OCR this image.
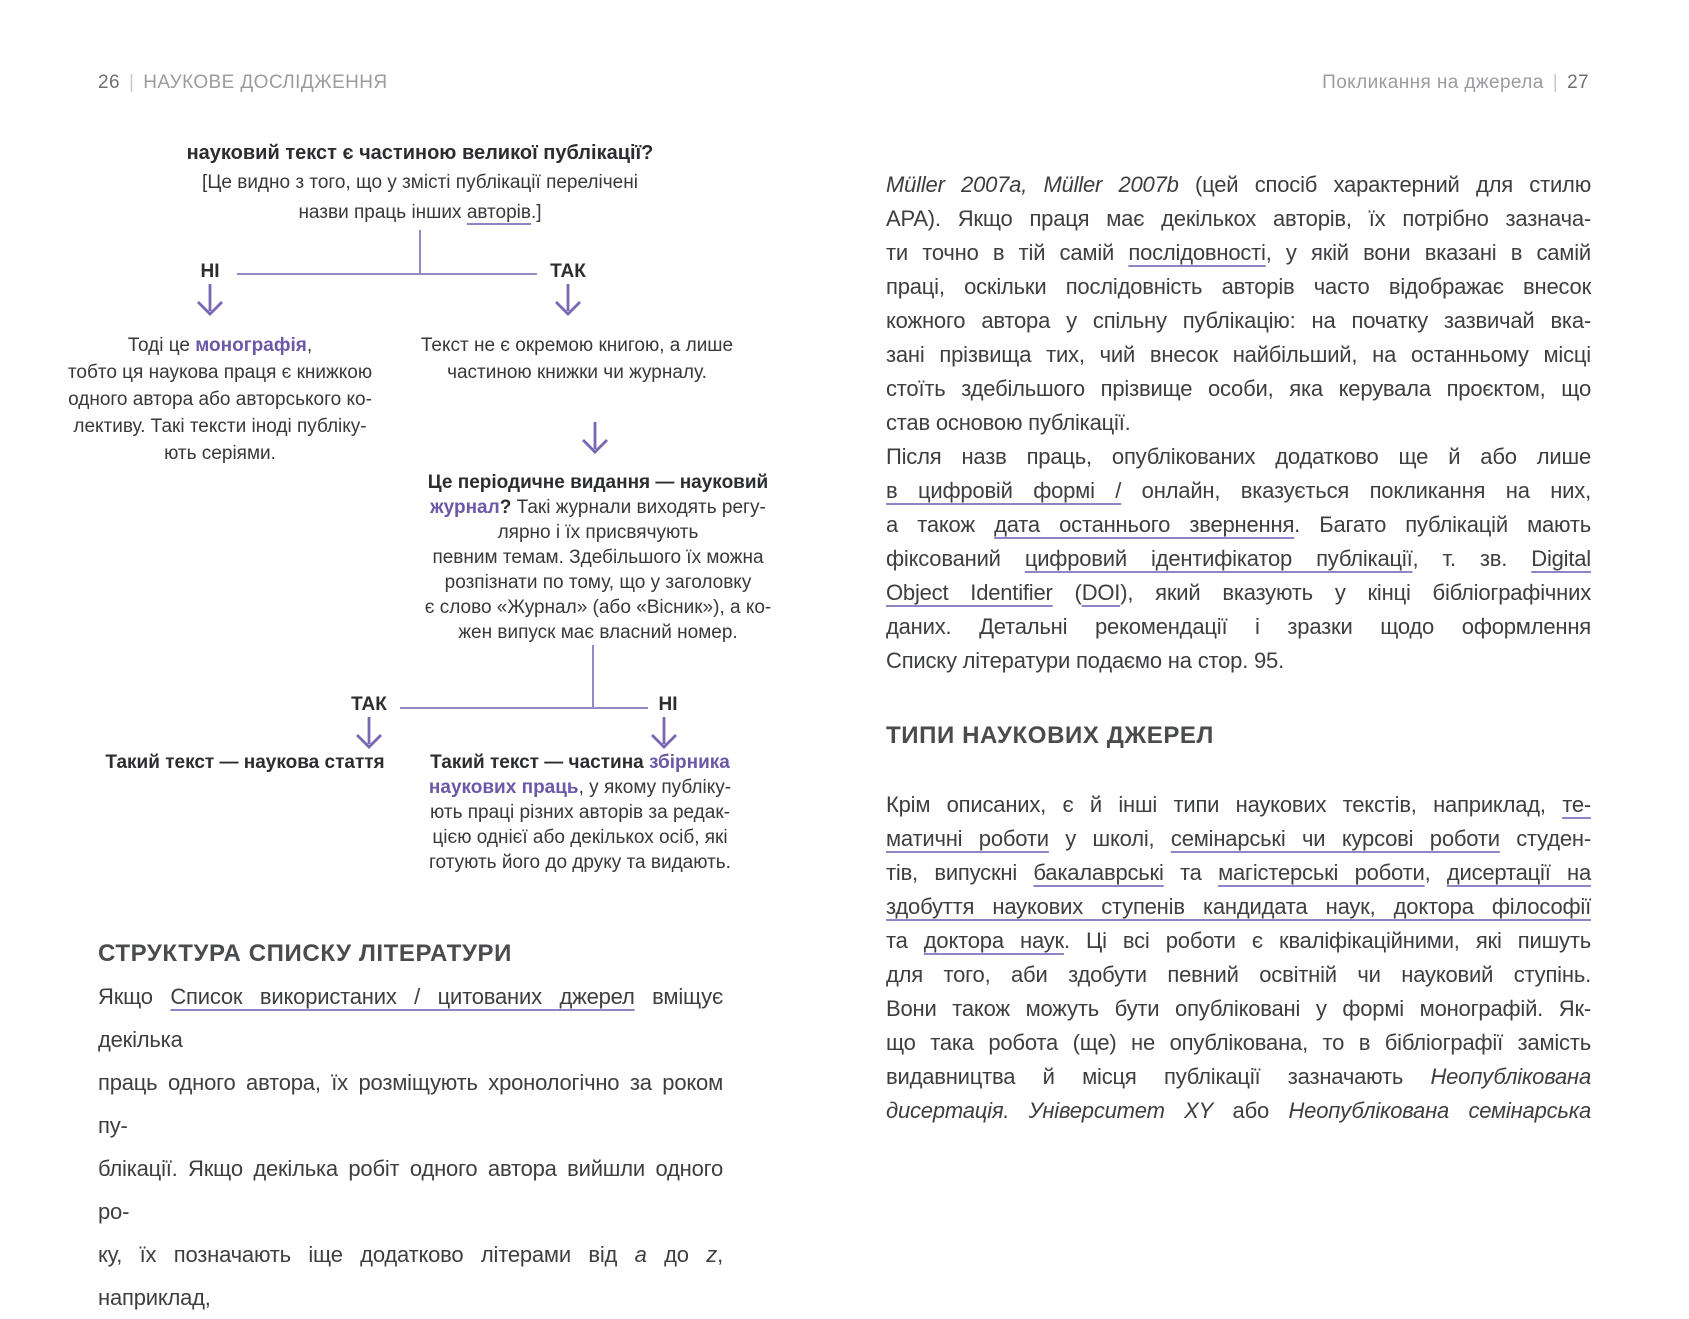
26 | НАУКОВЕ ДОСЛІДЖЕННЯ	Покликання на джерела | 27
науковий текст є частиною великої публікації?
[Це видно з того, що у змісті публікації перелічені
назви праць інших авторів.]
НІ	ТАК
Тоді це монографія,
тобто ця наукова праця є книжкою
одного автора або авторського ко-
лективу. Такі тексти іноді публіку-
ють серіями.
Текст не є окремою книгою, а лише
частиною книжки чи журналу.
Це періодичне видання — науковий
журнал? Такі журнали виходять регу-
лярно і їх присвячують
певним темам. Здебільшого їх можна
розпізнати по тому, що у заголовку
є слово «Журнал» (або «Вісник»), а ко-
жен випуск має власний номер.
ТАК	НІ
Такий текст — наукова стаття	Такий текст — частина збірника
наукових праць, у якому публіку-
ють праці різних авторів за редак-
цією однієї або декількох осіб, які
готують його до друку та видають.
СТРУКТУРА СПИСКУ ЛІТЕРАТУРИ
Якщо Список використаних / цитованих джерел вміщує декілька
праць одного автора, їх розміщують хронологічно за роком пу-
блікації. Якщо декілька робіт одного автора вийшли одного ро-
ку, їх позначають іще додатково літерами від a до z, наприклад,
Müller 2007a, Müller 2007b (цей спосіб характерний для стилю
APA). Якщо праця має декількох авторів, їх потрібно зазнача-
ти точно в тій самій послідовності, у якій вони вказані в самій
праці, оскільки послідовність авторів часто відображає внесок
кожного автора у спільну публікацію: на початку зазвичай вка-
зані прізвища тих, чий внесок найбільший, на останньому місці
стоїть здебільшого прізвище особи, яка керувала проєктом, що
став основою публікації.
Після назв праць, опублікованих додатково ще й або лише
в цифровій формі / онлайн, вказується покликання на них,
а також дата останнього звернення. Багато публікацій мають
фіксований цифровий ідентифікатор публікації, т. зв. Digital
Object Identifier (DOI), який вказують у кінці бібліографічних
даних. Детальні рекомендації і зразки щодо оформлення
Списку літератури подаємо на стор. 95.
ТИПИ НАУКОВИХ ДЖЕРЕЛ
Крім описаних, є й інші типи наукових текстів, наприклад, те-
матичні роботи у школі, семінарські чи курсові роботи студен-
тів, випускні бакалаврські та магістерські роботи, дисертації на
здобуття наукових ступенів кандидата наук, доктора філософії
та доктора наук. Ці всі роботи є кваліфікаційними, які пишуть
для того, аби здобути певний освітній чи науковий ступінь.
Вони також можуть бути опубліковані у формі монографій. Як-
що така робота (ще) не опублікована, то в бібліографії замість
видавництва й місця публікації зазначають Неопублікована
дисертація. Університет XY або Неопублікована семінарська
